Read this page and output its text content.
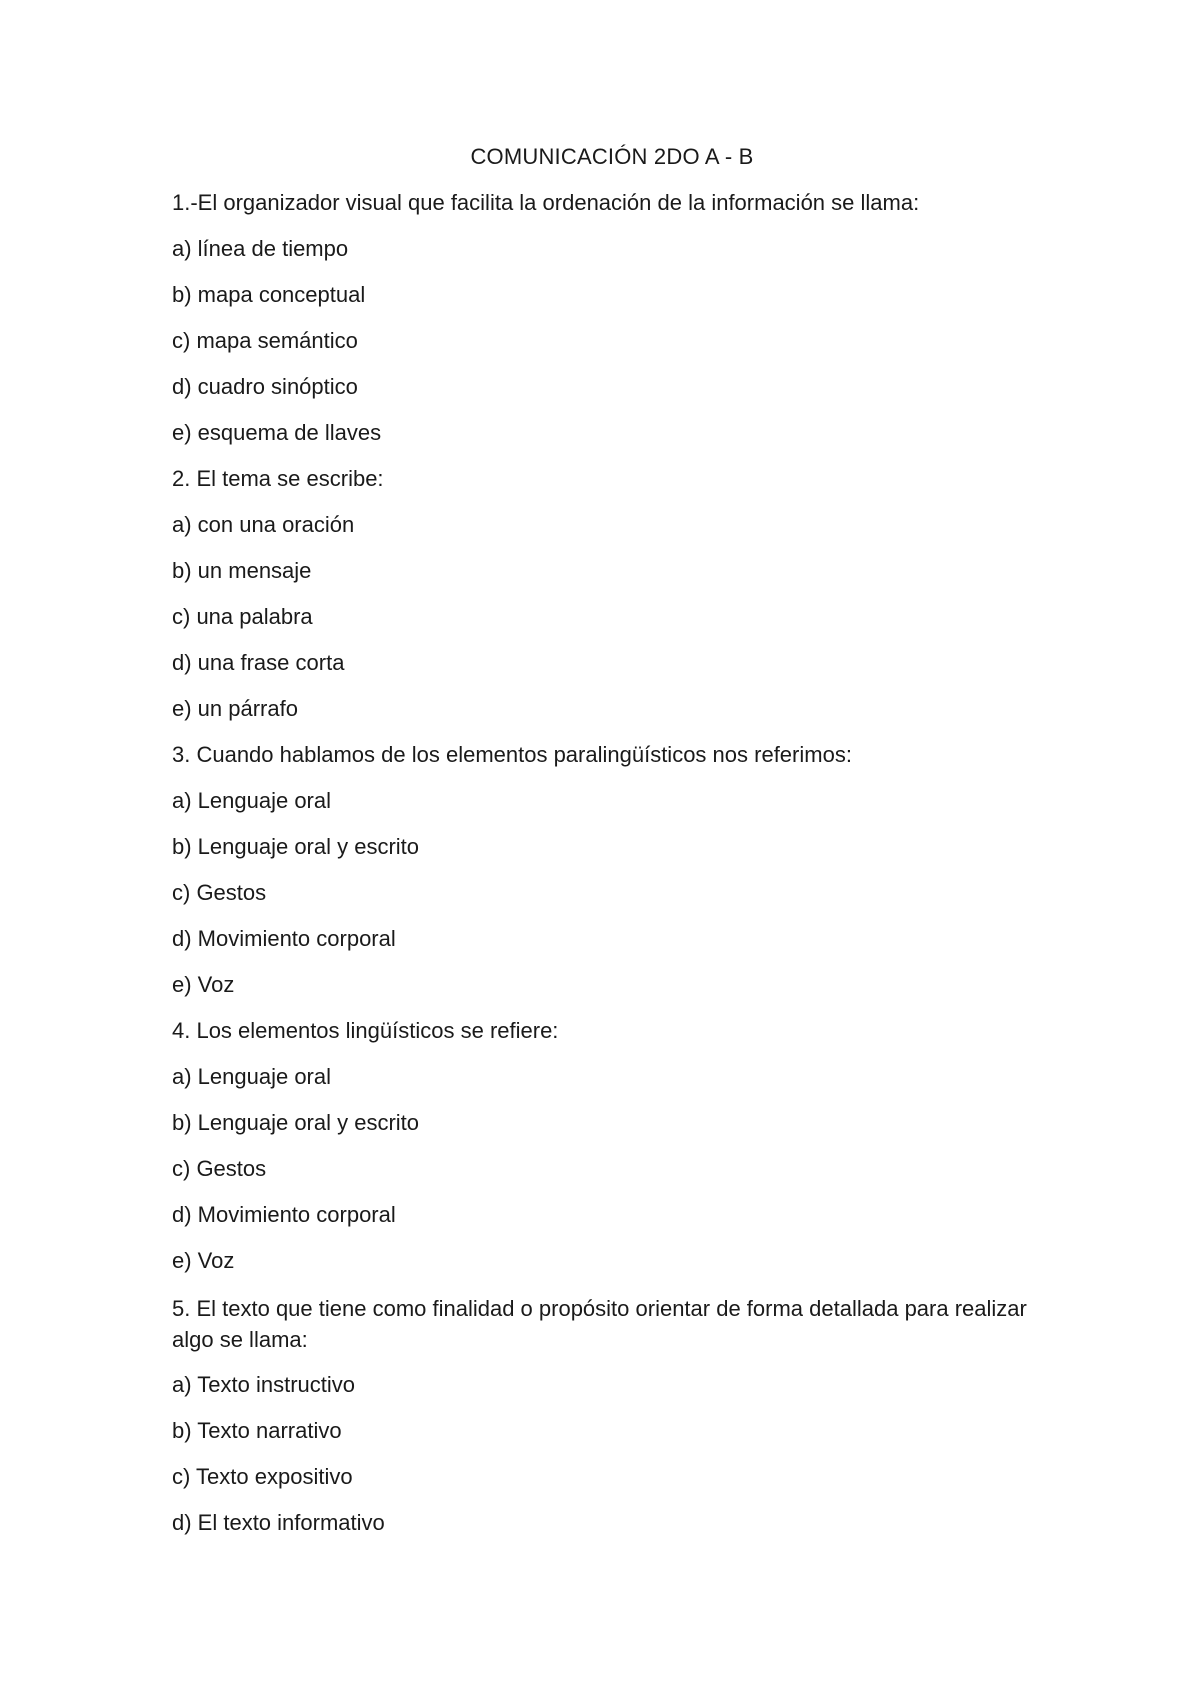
COMUNICACIÓN 2DO A - B

1.-El organizador visual que facilita la ordenación de la información se llama:

a) línea de tiempo

b) mapa conceptual

c) mapa semántico

d) cuadro sinóptico

e) esquema de llaves

2. El tema se escribe:

a) con una oración

b) un mensaje

c) una palabra

d) una frase corta

e) un párrafo

3. Cuando hablamos de los elementos paralingüísticos nos referimos:

a) Lenguaje oral

b) Lenguaje oral y escrito

c) Gestos

d) Movimiento corporal

e) Voz

4. Los elementos lingüísticos se refiere:

a) Lenguaje oral

b) Lenguaje oral y escrito

c) Gestos

d) Movimiento corporal

e) Voz

5. El texto que tiene como finalidad o propósito orientar de forma detallada para realizar algo se llama:

a) Texto instructivo

b) Texto narrativo

c) Texto expositivo

d) El texto informativo
